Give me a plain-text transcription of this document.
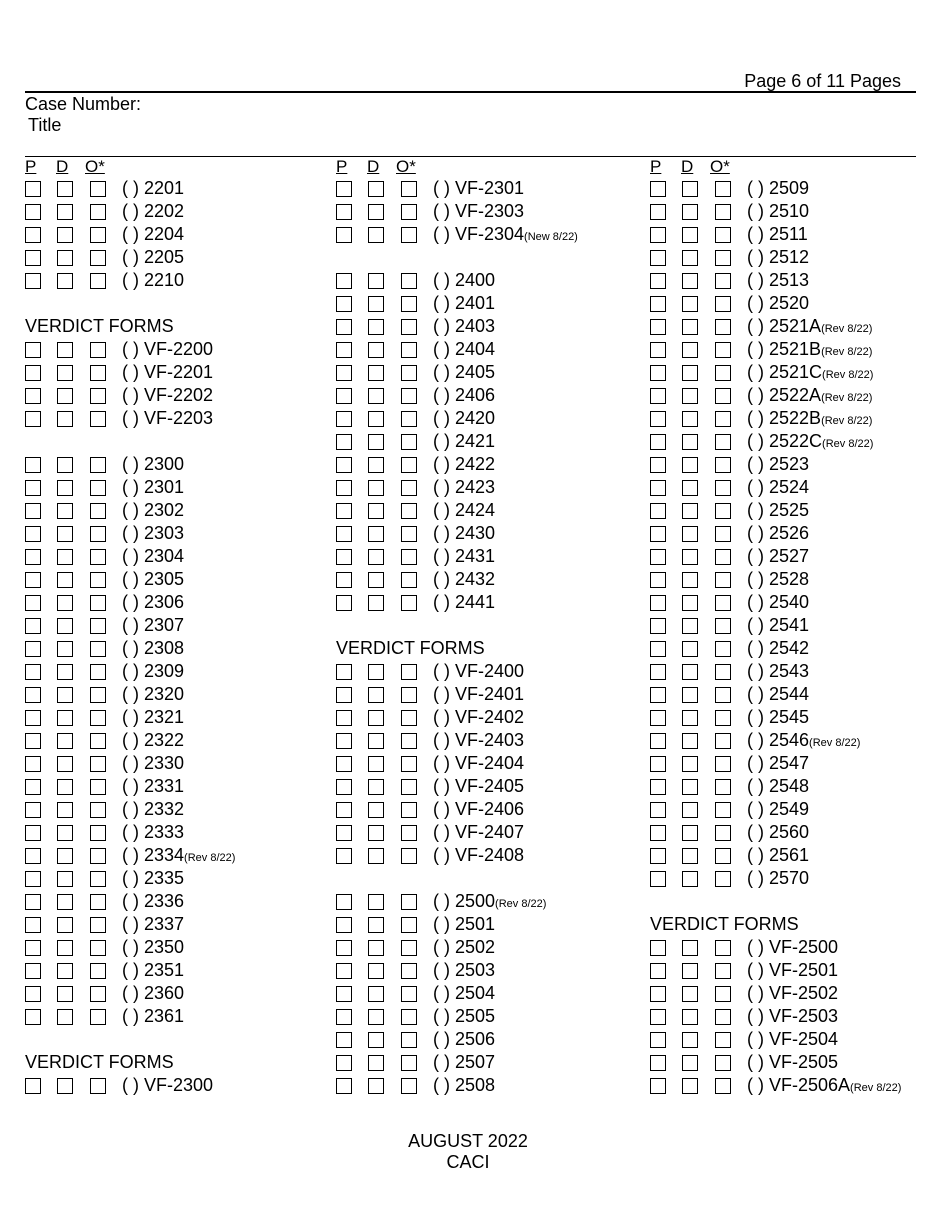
Page 6 of 11 Pages
Case Number:
Title
P D O*
( ) 2201
( ) 2202
( ) 2204
( ) 2205
( ) 2210
VERDICT FORMS
( ) VF-2200
( ) VF-2201
( ) VF-2202
( ) VF-2203
( ) 2300
( ) 2301
( ) 2302
( ) 2303
( ) 2304
( ) 2305
( ) 2306
( ) 2307
( ) 2308
( ) 2309
( ) 2320
( ) 2321
( ) 2322
( ) 2330
( ) 2331
( ) 2332
( ) 2333
( ) 2334(Rev 8/22)
( ) 2335
( ) 2336
( ) 2337
( ) 2350
( ) 2351
( ) 2360
( ) 2361
VERDICT FORMS
( ) VF-2300
P D O*
( ) VF-2301
( ) VF-2303
( ) VF-2304(New 8/22)
( ) 2400
( ) 2401
( ) 2403
( ) 2404
( ) 2405
( ) 2406
( ) 2420
( ) 2421
( ) 2422
( ) 2423
( ) 2424
( ) 2430
( ) 2431
( ) 2432
( ) 2441
VERDICT FORMS
( ) VF-2400
( ) VF-2401
( ) VF-2402
( ) VF-2403
( ) VF-2404
( ) VF-2405
( ) VF-2406
( ) VF-2407
( ) VF-2408
( ) 2500(Rev 8/22)
( ) 2501
( ) 2502
( ) 2503
( ) 2504
( ) 2505
( ) 2506
( ) 2507
( ) 2508
P D O*
( ) 2509
( ) 2510
( ) 2511
( ) 2512
( ) 2513
( ) 2520
( ) 2521A(Rev 8/22)
( ) 2521B(Rev 8/22)
( ) 2521C(Rev 8/22)
( ) 2522A(Rev 8/22)
( ) 2522B(Rev 8/22)
( ) 2522C(Rev 8/22)
( ) 2523
( ) 2524
( ) 2525
( ) 2526
( ) 2527
( ) 2528
( ) 2540
( ) 2541
( ) 2542
( ) 2543
( ) 2544
( ) 2545
( ) 2546(Rev 8/22)
( ) 2547
( ) 2548
( ) 2549
( ) 2560
( ) 2561
( ) 2570
VERDICT FORMS
( ) VF-2500
( ) VF-2501
( ) VF-2502
( ) VF-2503
( ) VF-2504
( ) VF-2505
( ) VF-2506A(Rev 8/22)
AUGUST 2022
CACI
